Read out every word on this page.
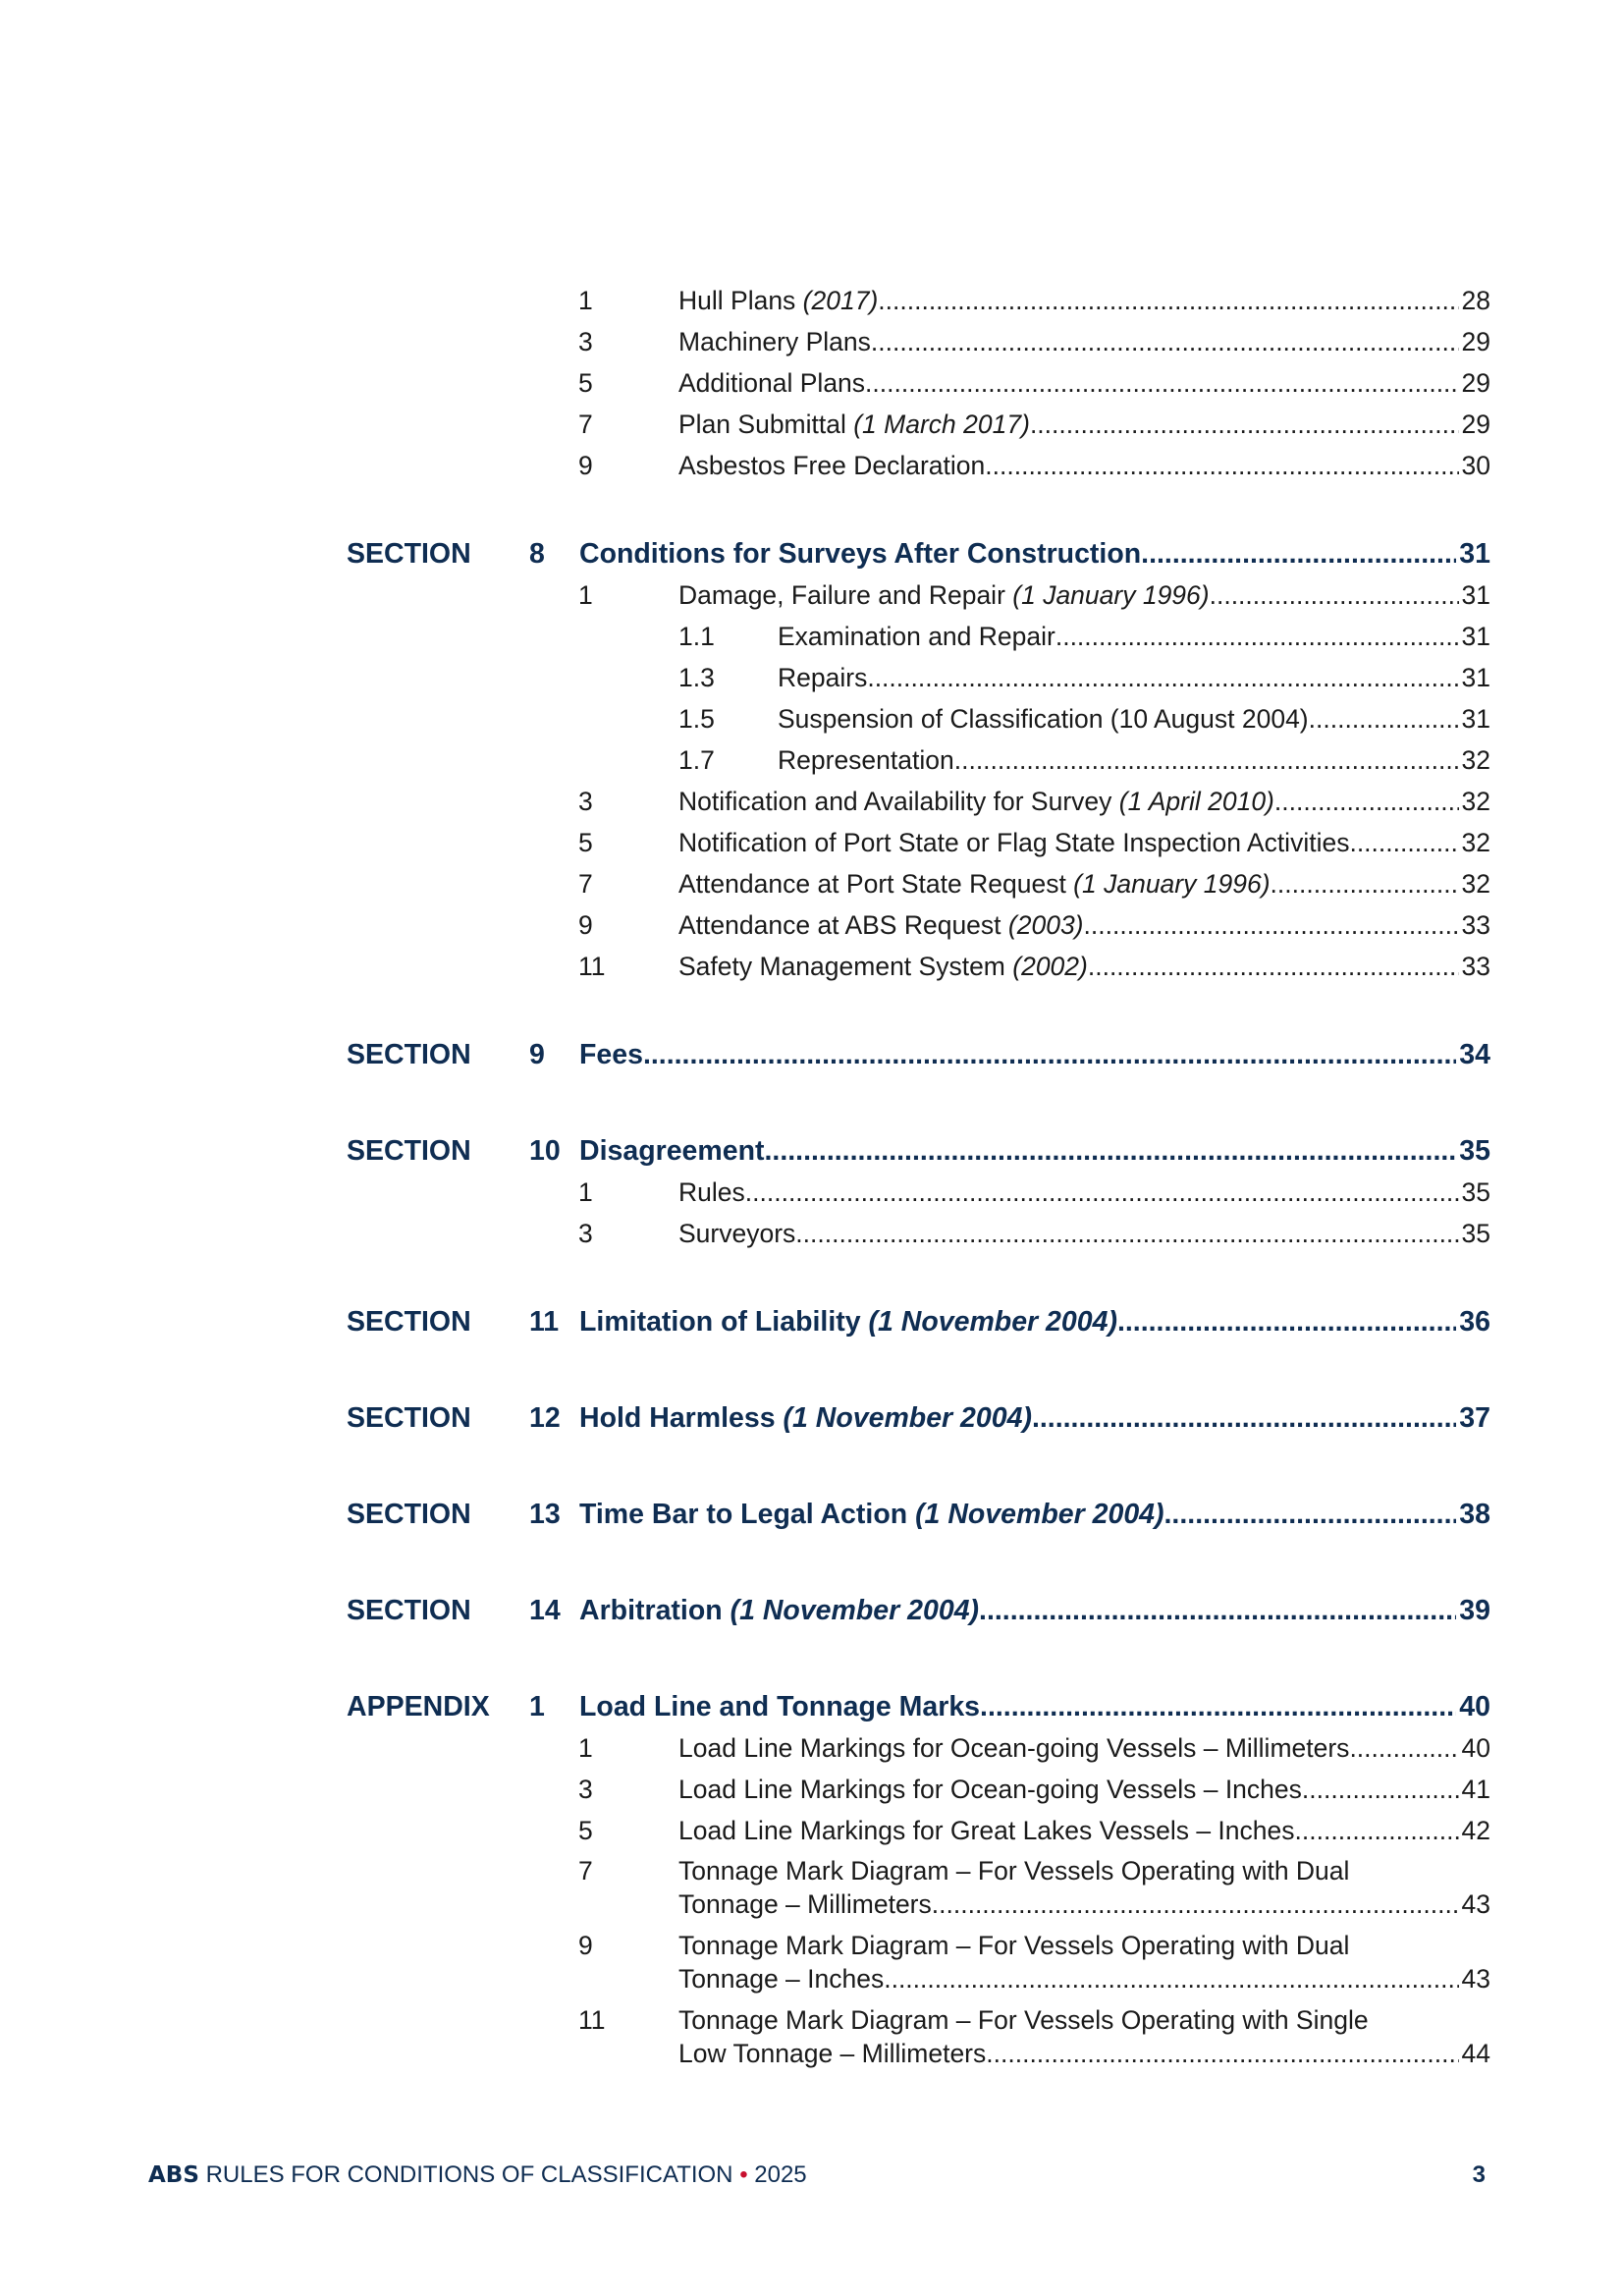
1	Hull Plans (2017) .....	28
3	Machinery Plans .....	29
5	Additional Plans .....	29
7	Plan Submittal (1 March 2017) .....	29
9	Asbestos Free Declaration .....	30
SECTION 8 Conditions for Surveys After Construction .....	31
1	Damage, Failure and Repair (1 January 1996) .....	31
1.1 Examination and Repair .....	31
1.3 Repairs .....	31
1.5 Suspension of Classification (10 August 2004) .....	31
1.7 Representation .....	32
3	Notification and Availability for Survey (1 April 2010) .....	32
5	Notification of Port State or Flag State Inspection Activities .....	32
7	Attendance at Port State Request (1 January 1996) .....	32
9	Attendance at ABS Request (2003) .....	33
11	Safety Management System (2002) .....	33
SECTION 9 Fees .....	34
SECTION 10 Disagreement .....	35
1	Rules .....	35
3	Surveyors .....	35
SECTION 11 Limitation of Liability (1 November 2004) .....	36
SECTION 12 Hold Harmless (1 November 2004) .....	37
SECTION 13 Time Bar to Legal Action (1 November 2004) .....	38
SECTION 14 Arbitration (1 November 2004) .....	39
APPENDIX 1 Load Line and Tonnage Marks .....	40
1	Load Line Markings for Ocean-going Vessels – Millimeters .....	40
3	Load Line Markings for Ocean-going Vessels – Inches .....	41
5	Load Line Markings for Great Lakes Vessels – Inches .....	42
7	Tonnage Mark Diagram – For Vessels Operating with Dual
Tonnage – Millimeters .....	43
9	Tonnage Mark Diagram – For Vessels Operating with Dual
Tonnage – Inches .....	43
11	Tonnage Mark Diagram – For Vessels Operating with Single
Low Tonnage – Millimeters .....	44
ABS RULES FOR CONDITIONS OF CLASSIFICATION • 2025	3
